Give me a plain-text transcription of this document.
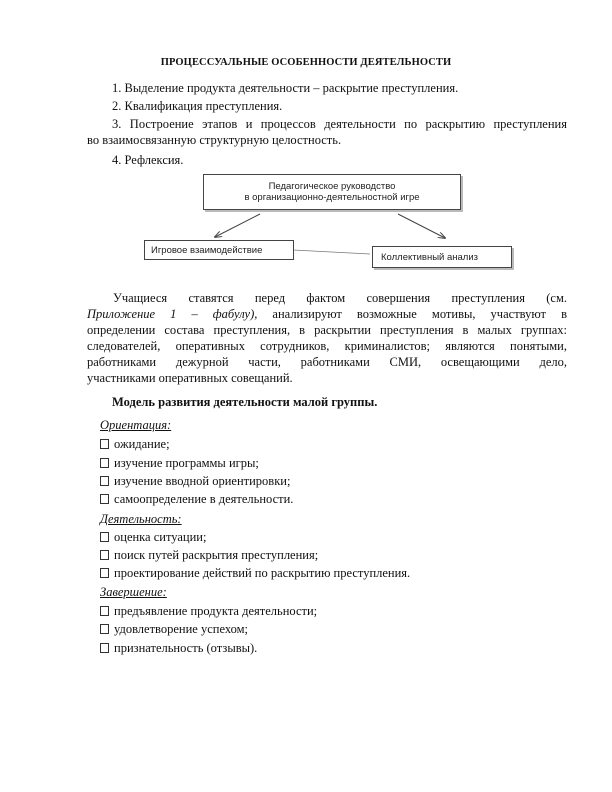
ПРОЦЕССУАЛЬНЫЕ ОСОБЕННОСТИ ДЕЯТЕЛЬНОСТИ
1. Выделение продукта деятельности – раскрытие преступления.
2. Квалификация преступления.
3. Построение этапов и процессов деятельности по раскрытию преступления
во взаимосвязанную структурную целостность.
4. Рефлексия.
Педагогическое руководство
в организационно-деятельностной игре
Игровое взаимодействие
Коллективный анализ
Учащиеся ставятся перед фактом совершения преступления (см.
Приложение 1 – фабулу), анализируют возможные мотивы, участвуют в
определении состава преступления, в раскрытии преступления в малых группах:
следователей, оперативных сотрудников, криминалистов; являются понятыми,
работниками дежурной части, работниками СМИ, освещающими дело,
участниками оперативных совещаний.
Модель развития деятельности малой группы.
Ориентация:
ожидание;
изучение программы игры;
изучение вводной ориентировки;
самоопределение в деятельности.
Деятельность:
оценка ситуации;
поиск путей раскрытия преступления;
проектирование действий по раскрытию преступления.
Завершение:
предъявление продукта деятельности;
удовлетворение успехом;
признательность (отзывы).
